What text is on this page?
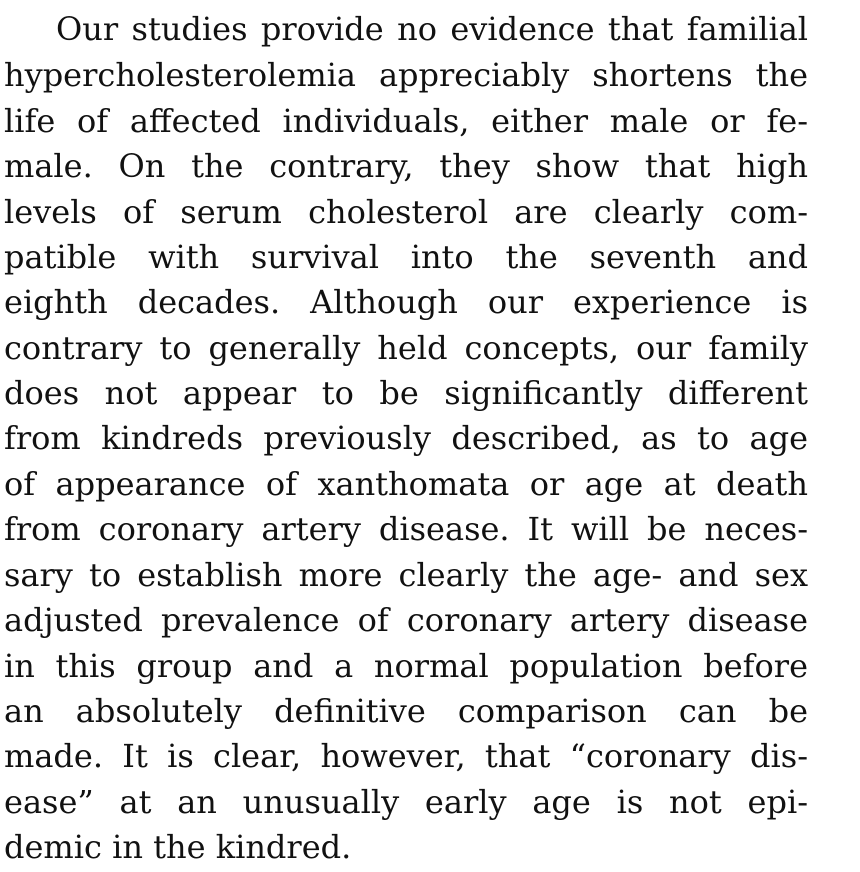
Our studies provide no evidence that familial
hypercholesterolemia appreciably shortens the
life of affected individuals, either male or fe-
male. On the contrary, they show that high
levels of serum cholesterol are clearly com-
patible with survival into the seventh and
eighth decades. Although our experience is
contrary to generally held concepts, our family
does not appear to be significantly different
from kindreds previously described, as to age
of appearance of xanthomata or age at death
from coronary artery disease. It will be neces-
sary to establish more clearly the age- and sex
adjusted prevalence of coronary artery disease
in this group and a normal population before
an absolutely definitive comparison can be
made. It is clear, however, that “coronary dis-
ease” at an unusually early age is not epi-
demic in the kindred.
